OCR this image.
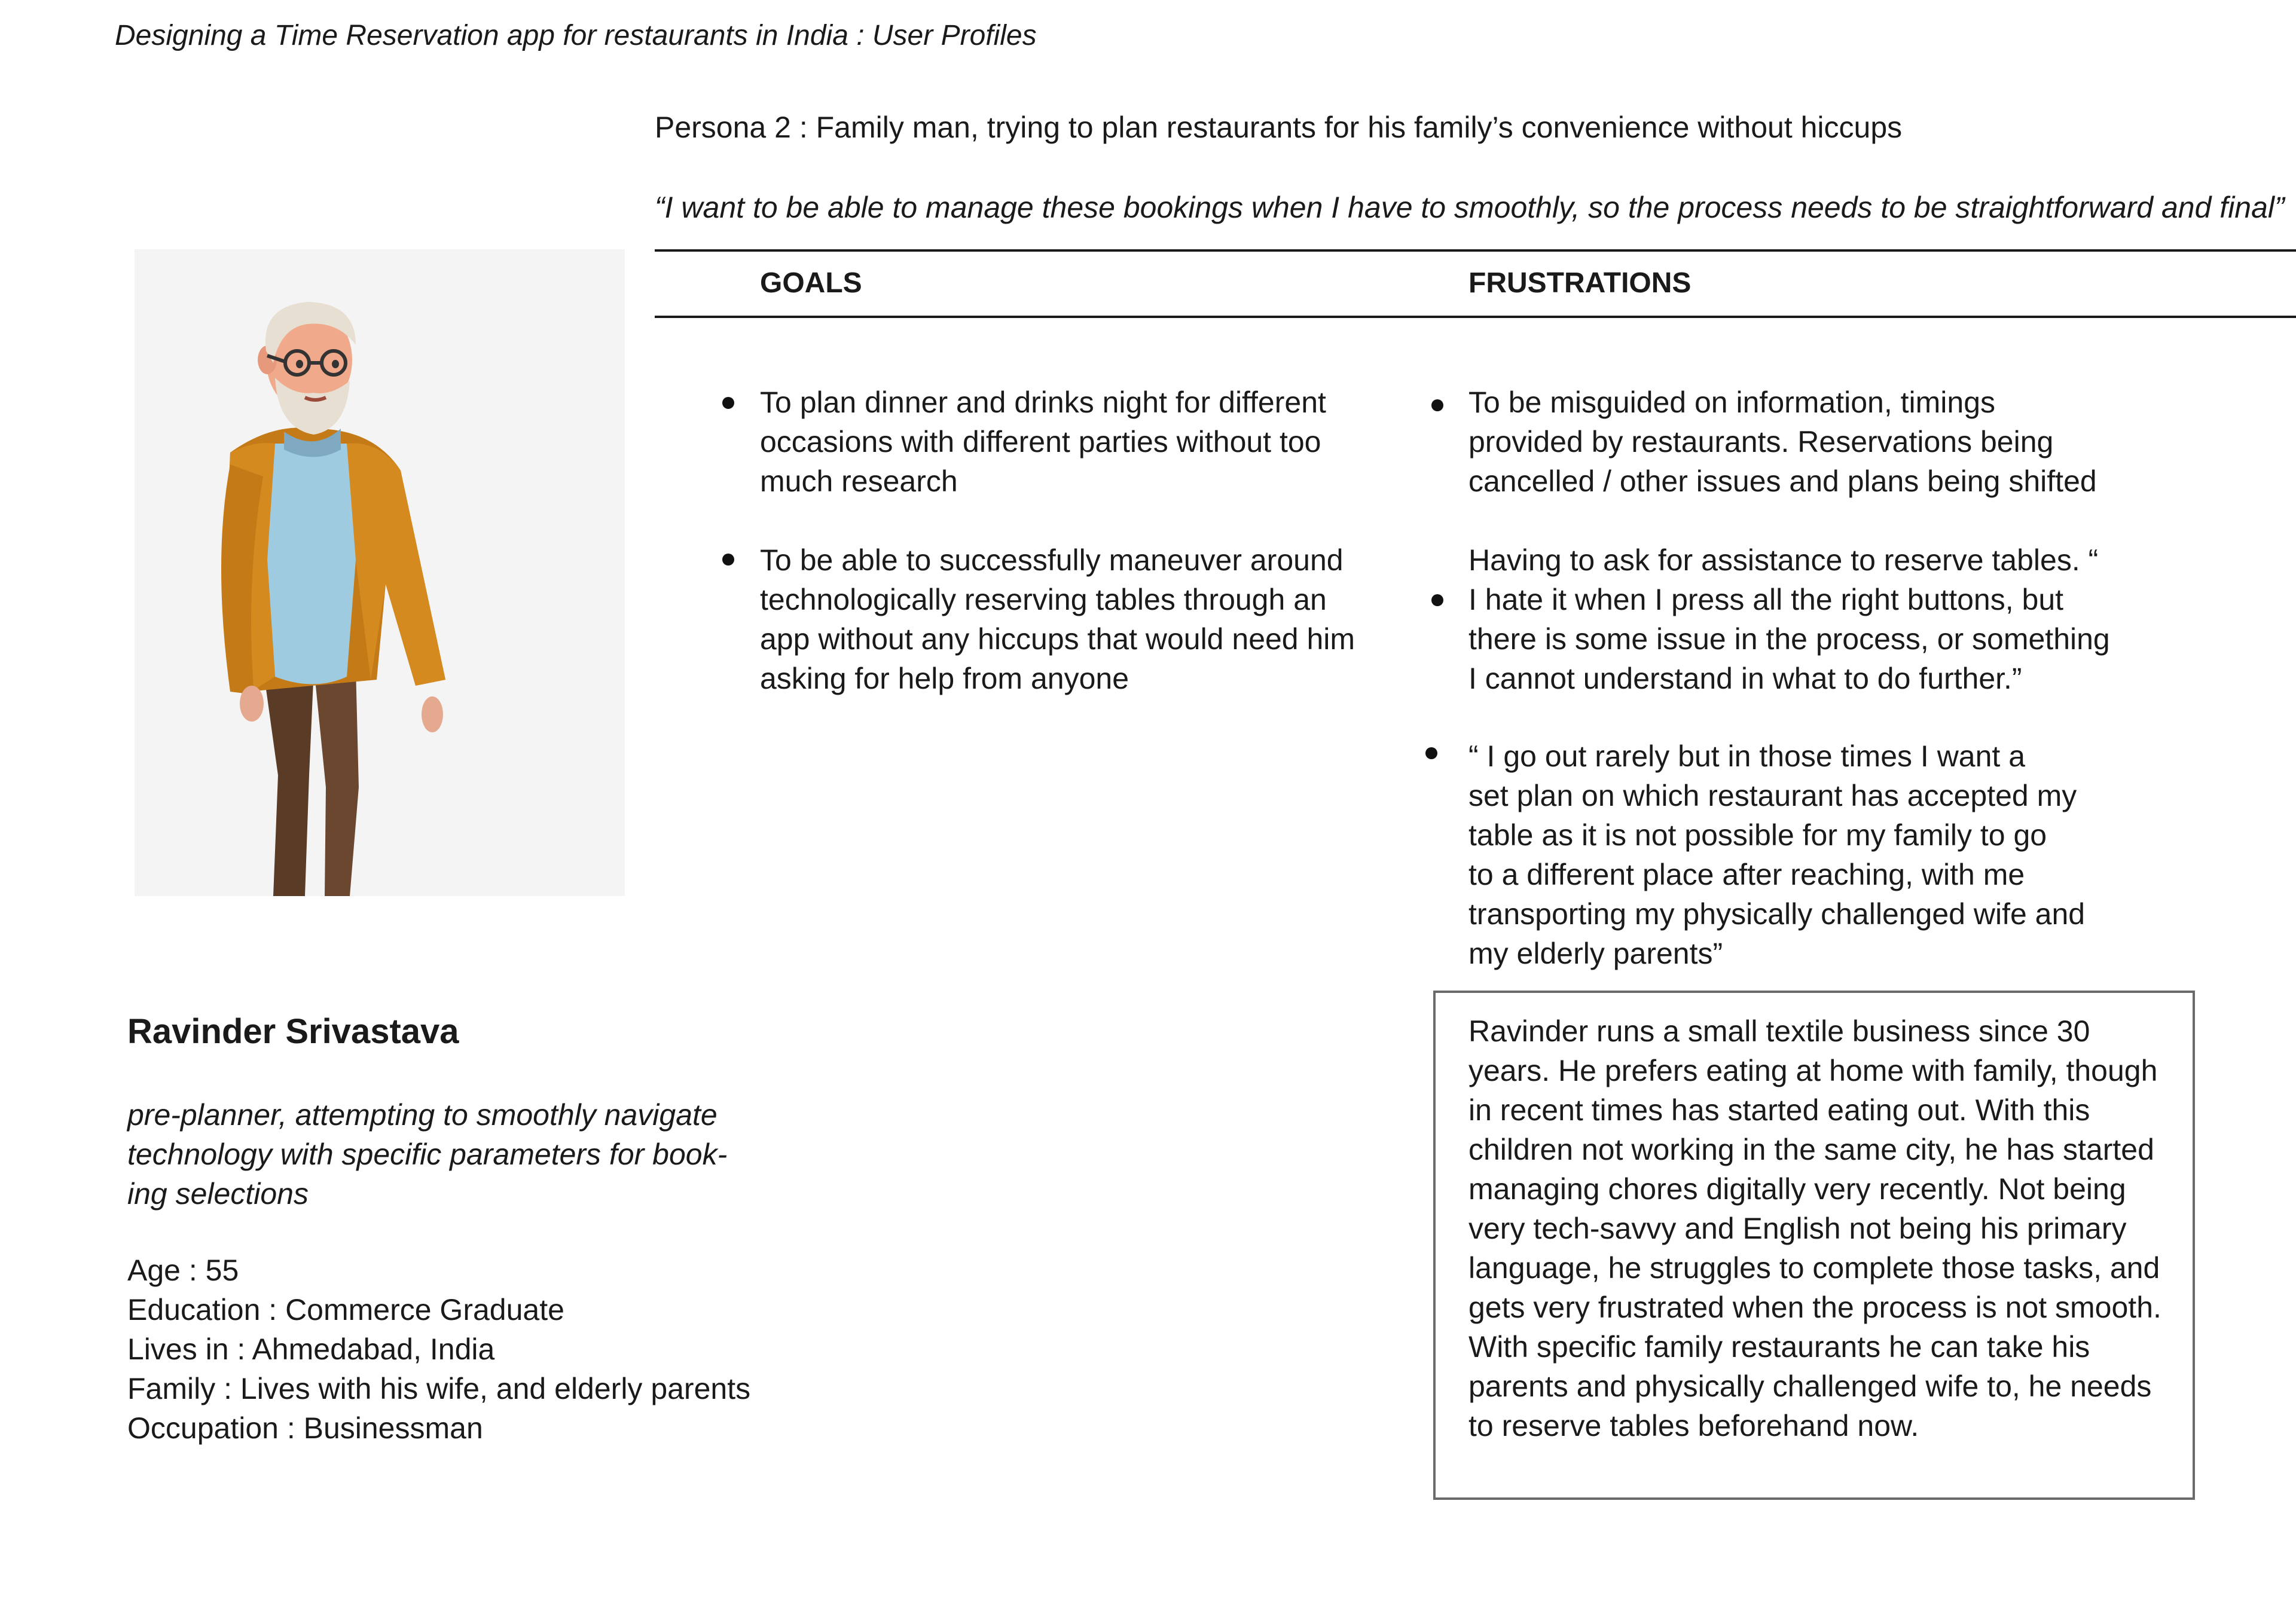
Designing a Time Reservation app for restaurants in India : User Profiles
Persona 2 : Family man, trying to plan restaurants for his family’s convenience without hiccups
“I want to be able to manage these bookings when I have to smoothly, so the process needs to be straightforward and final”
GOALS	FRUSTRATIONS
To plan dinner and drinks night for different
occasions with different parties without too
much research
To be able to successfully maneuver around
technologically reserving tables through an
app without any hiccups that would need him
asking for help from anyone
To be misguided on information, timings
provided by restaurants. Reservations being
cancelled / other issues and plans being shifted
Having to ask for assistance to reserve tables. “
I hate it when I press all the right buttons, but
there is some issue in the process, or something
I cannot understand in what to do further.”
“ I go out rarely but in those times I want a
set plan on which restaurant has accepted my
table as it is not possible for my family to go
to a different place after reaching, with me
transporting my physically challenged wife and
my elderly parents”
Ravinder Srivastava
pre-planner, attempting to smoothly navigate
technology with specific parameters for book-
ing selections
Age : 55
Education : Commerce Graduate
Lives in : Ahmedabad, India
Family : Lives with his wife, and elderly parents
Occupation : Businessman
Ravinder runs a small textile business since 30
years. He prefers eating at home with family, though
in recent times has started eating out. With this
children not working in the same city, he has started
managing chores digitally very recently. Not being
very tech-savvy and English not being his primary
language, he struggles to complete those tasks, and
gets very frustrated when the process is not smooth.
With specific family restaurants he can take his
parents and physically challenged wife to, he needs
to reserve tables beforehand now.
